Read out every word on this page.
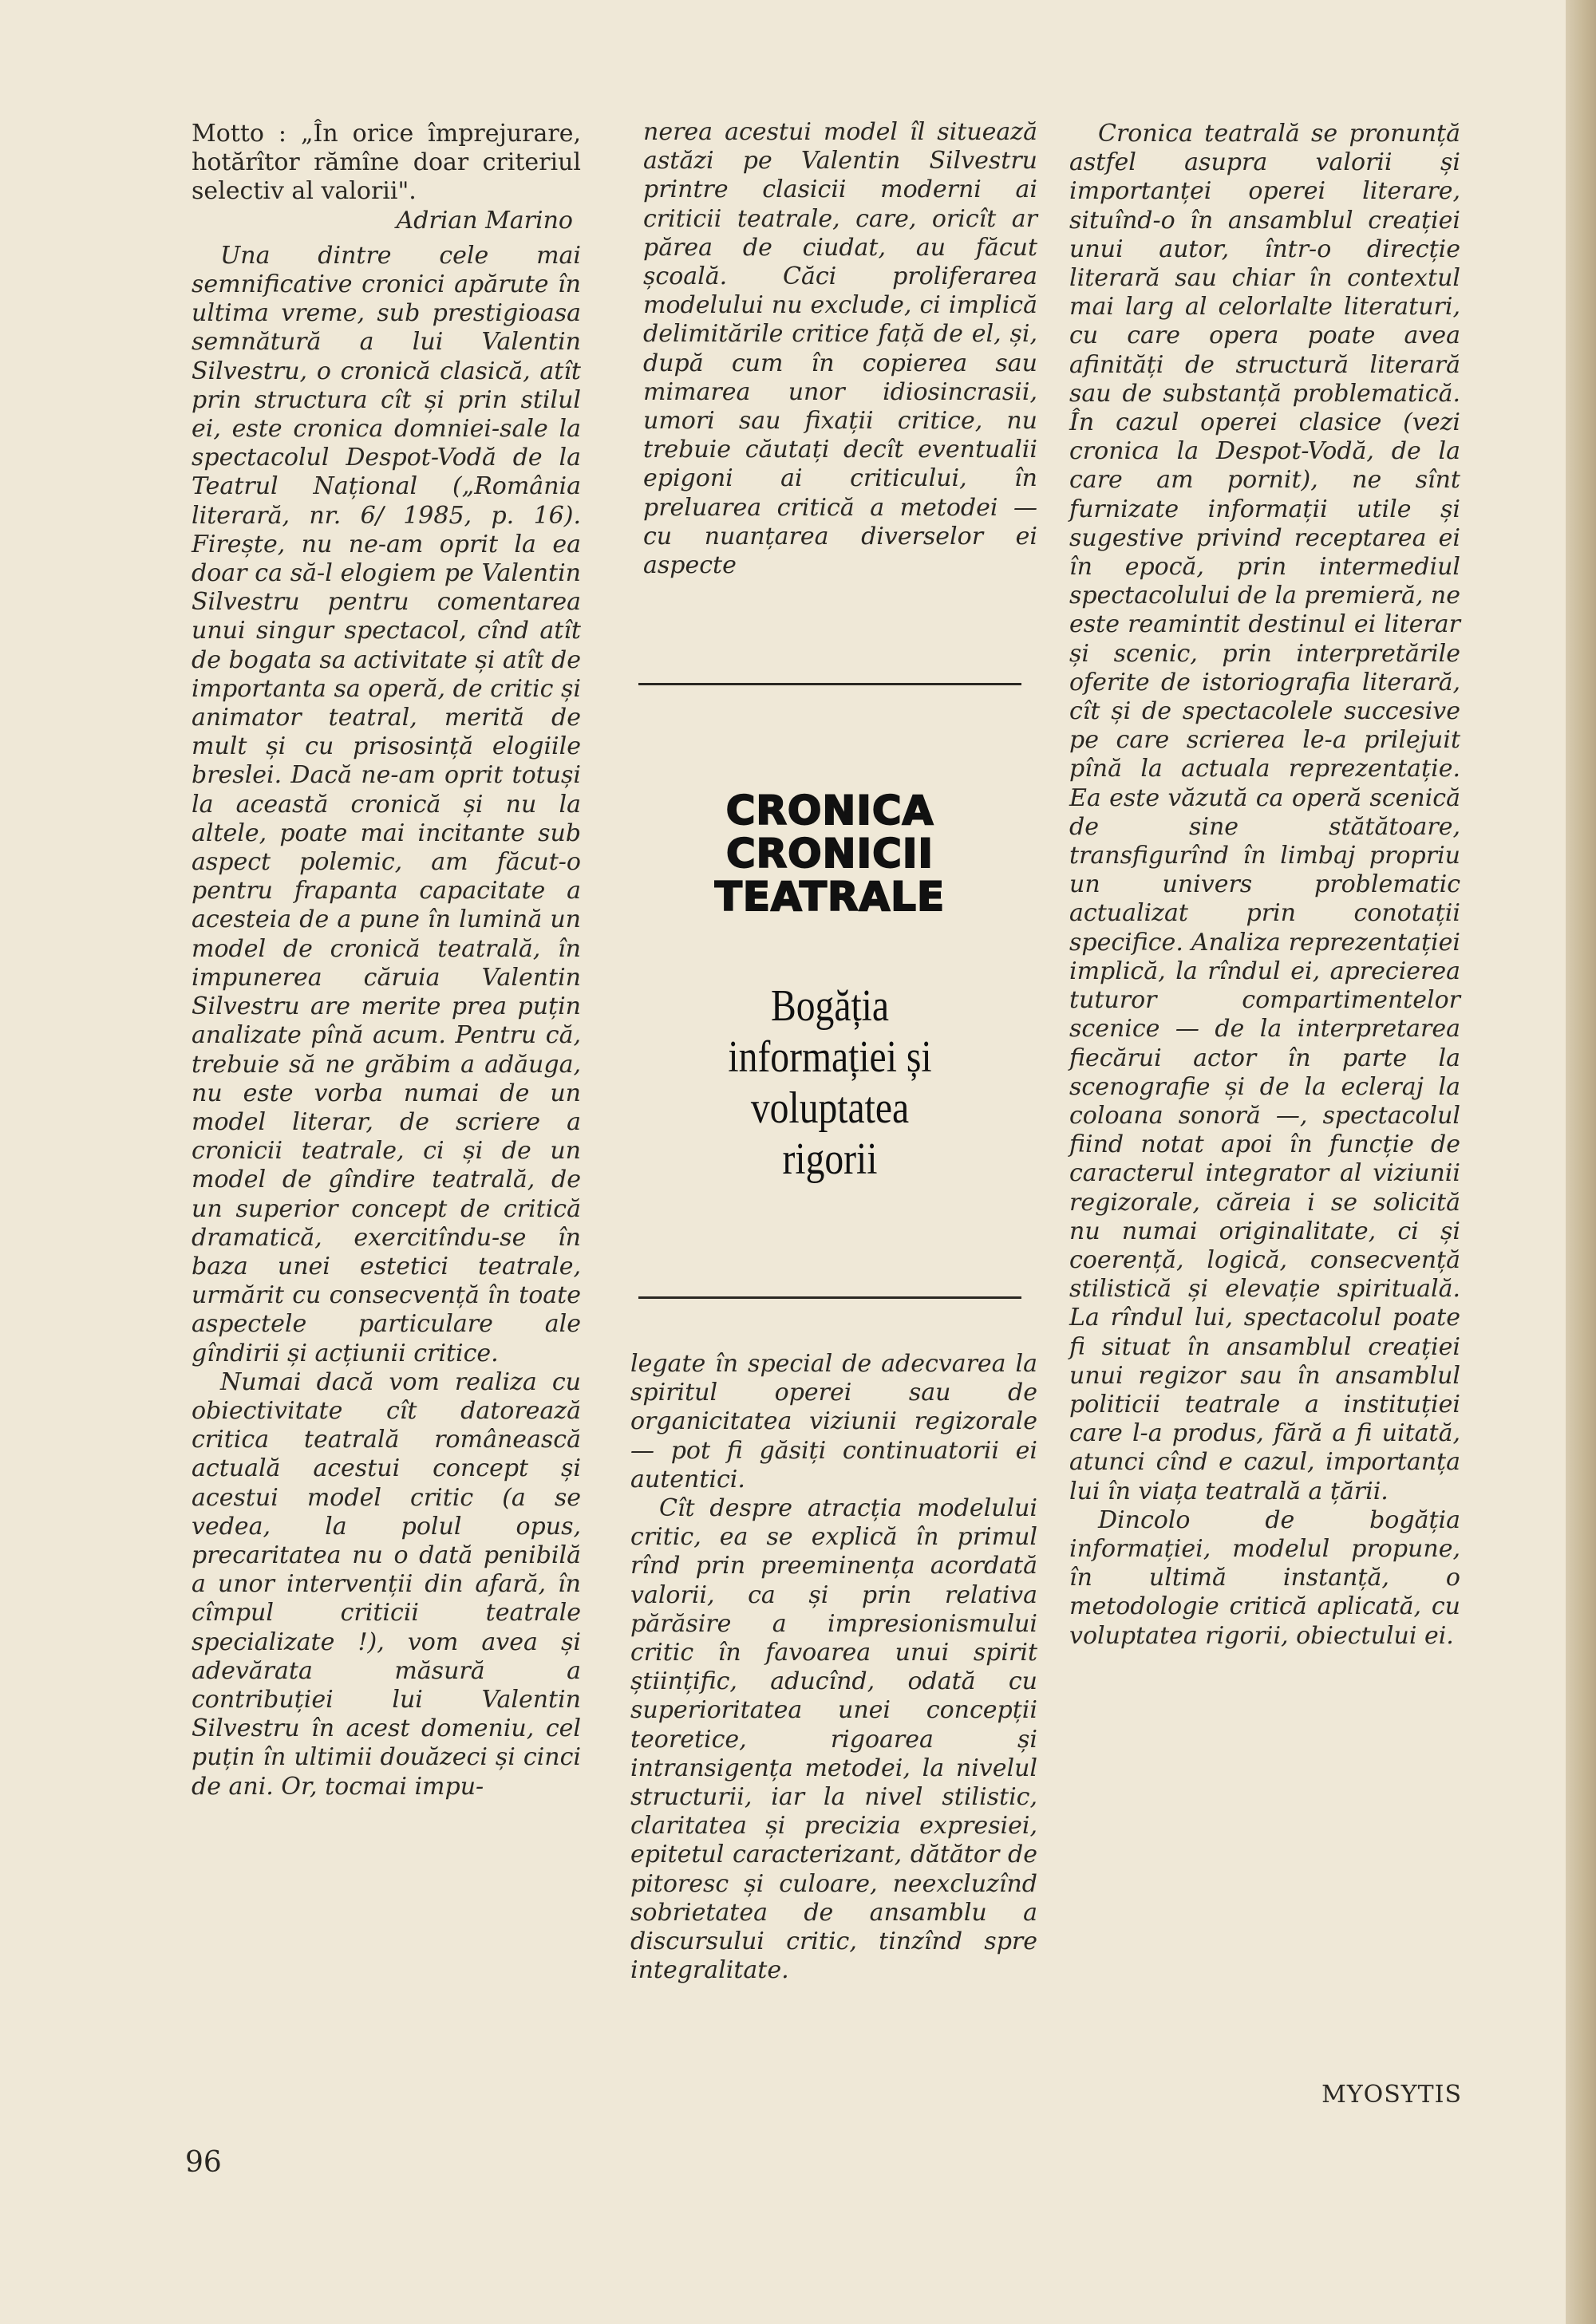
Motto : „În orice împrejurare, hotărîtor rămîne doar criteriul selectiv al valorii".

Adrian Marino

Una dintre cele mai semnificative cronici apărute în ultima vreme, sub prestigioasa semnătură a lui Valentin Silvestru, o cronică clasică, atît prin structura cît și prin stilul ei, este cronica domniei-sale la spectacolul Despot-Vodă de la Teatrul Național („România literară, nr. 6/ 1985, p. 16). Firește, nu ne-am oprit la ea doar ca să-l elogiem pe Valentin Silvestru pentru comentarea unui singur spectacol, cînd atît de bogata sa activitate și atît de importanta sa operă, de critic și animator teatral, merită de mult și cu prisosință elogiile breslei. Dacă ne-am oprit totuși la această cronică și nu la altele, poate mai incitante sub aspect polemic, am făcut-o pentru frapanta capacitate a acesteia de a pune în lumină un model de cronică teatrală, în impunerea căruia Valentin Silvestru are merite prea puțin analizate pînă acum. Pentru că, trebuie să ne grăbim a adăuga, nu este vorba numai de un model literar, de scriere a cronicii teatrale, ci și de un model de gîndire teatrală, de un superior concept de critică dramatică, exercitîndu-se în baza unei estetici teatrale, urmărit cu consecvență în toate aspectele particulare ale gîndirii și acțiunii critice.

Numai dacă vom realiza cu obiectivitate cît datorează critica teatrală românească actuală acestui concept și acestui model critic (a se vedea, la polul opus, precaritatea nu o dată penibilă a unor intervenții din afară, în cîmpul criticii teatrale specializate !), vom avea și adevărata măsură a contribuției lui Valentin Silvestru în acest domeniu, cel puțin în ultimii douăzeci și cinci de ani. Or, tocmai impu-

nerea acestui model îl situează astăzi pe Valentin Silvestru printre clasicii moderni ai criticii teatrale, care, oricît ar părea de ciudat, au făcut școală. Căci proliferarea modelului nu exclude, ci implică delimitările critice față de el, și, după cum în copierea sau mimarea unor idiosincrasii, umori sau fixații critice, nu trebuie căutați decît eventualii epigoni ai criticului, în preluarea critică a metodei — cu nuanțarea diverselor ei aspecte

CRONICA
CRONICII
TEATRALE
Bogăția
informației și
voluptatea
rigorii

legate în special de adecvarea la spiritul operei sau de organicitatea viziunii regizorale — pot fi găsiți continuatorii ei autentici.

Cît despre atracția modelului critic, ea se explică în primul rînd prin preeminența acordată valorii, ca și prin relativa părăsire a impresionismului critic în favoarea unui spirit științific, aducînd, odată cu superioritatea unei concepții teoretice, rigoarea și intransigența metodei, la nivelul structurii, iar la nivel stilistic, claritatea și precizia expresiei, epitetul caracterizant, dătător de pitoresc și culoare, neexcluzînd sobrietatea de ansamblu a discursului critic, tinzînd spre integralitate.

Cronica teatrală se pronunță astfel asupra valorii și importanței operei literare, situînd-o în ansamblul creației unui autor, într-o direcție literară sau chiar în contextul mai larg al celorlalte literaturi, cu care opera poate avea afinități de structură literară sau de substanță problematică. În cazul operei clasice (vezi cronica la Despot-Vodă, de la care am pornit), ne sînt furnizate informații utile și sugestive privind receptarea ei în epocă, prin intermediul spectacolului de la premieră, ne este reamintit destinul ei literar și scenic, prin interpretările oferite de istoriografia literară, cît și de spectacolele succesive pe care scrierea le-a prilejuit pînă la actuala reprezentație. Ea este văzută ca operă scenică de sine stătătoare, transfigurînd în limbaj propriu un univers problematic actualizat prin conotații specifice. Analiza reprezentației implică, la rîndul ei, aprecierea tuturor compartimentelor scenice — de la interpretarea fiecărui actor în parte la scenografie și de la ecleraj la coloana sonoră —, spectacolul fiind notat apoi în funcție de caracterul integrator al viziunii regizorale, căreia i se solicită nu numai originalitate, ci și coerență, logică, consecvență stilistică și elevație spirituală. La rîndul lui, spectacolul poate fi situat în ansamblul creației unui regizor sau în ansamblul politicii teatrale a instituției care l-a produs, fără a fi uitată, atunci cînd e cazul, importanța lui în viața teatrală a țării.

Dincolo de bogăția informației, modelul propune, în ultimă instanță, o metodologie critică aplicată, cu voluptatea rigorii, obiectului ei.

MYOSYTIS
96
